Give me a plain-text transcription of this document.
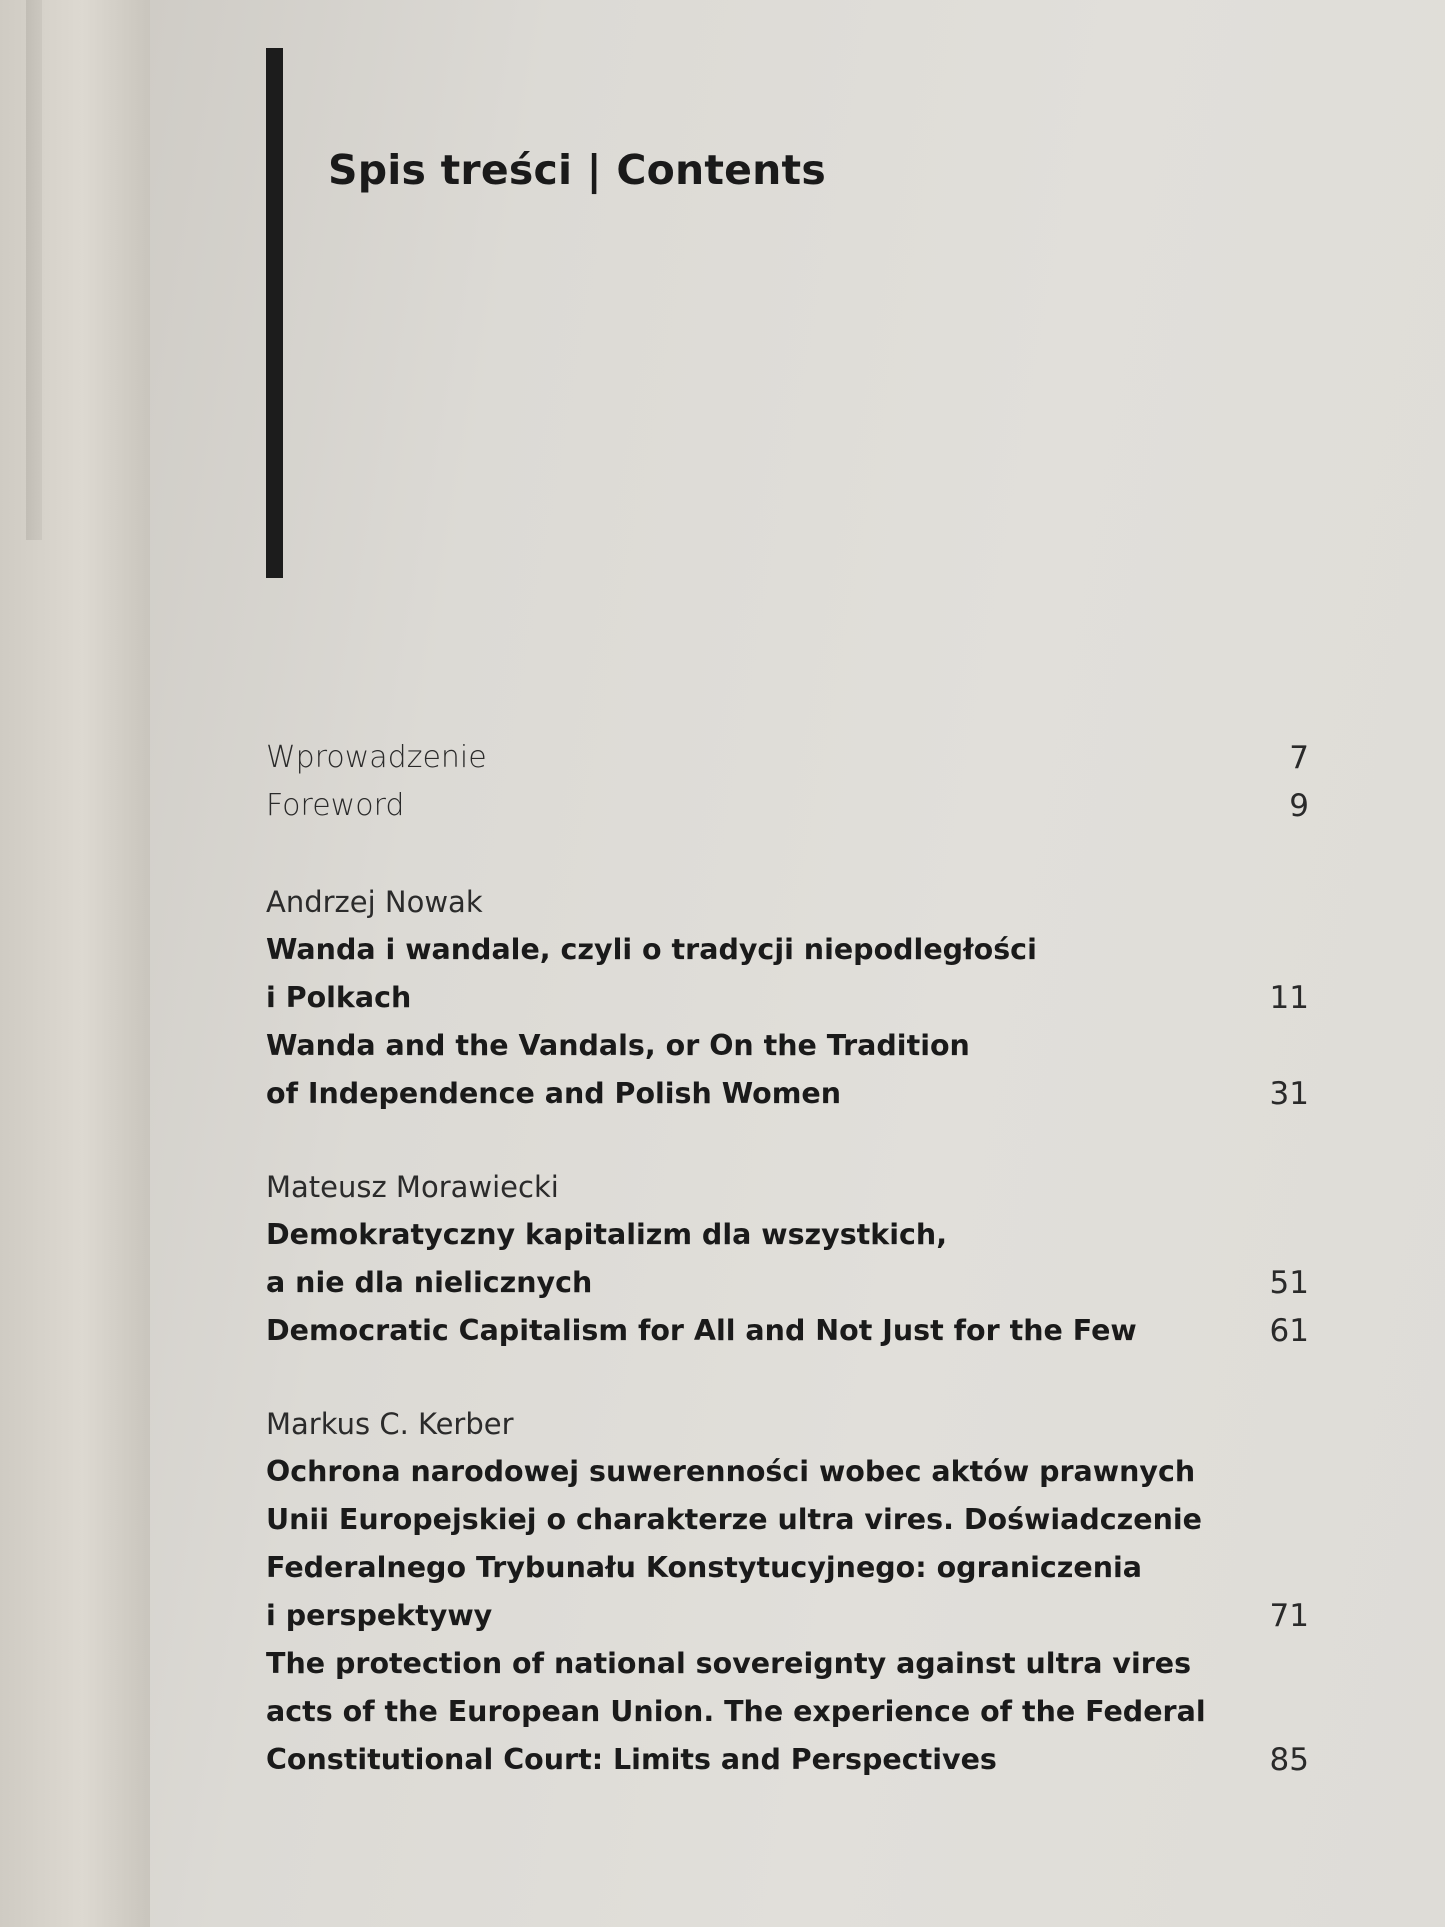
Spis treści | Contents
Wprowadzenie	7
Foreword	9
Andrzej Nowak
Wanda i wandale, czyli o tradycji niepodległości
i Polkach	11
Wanda and the Vandals, or On the Tradition
of Independence and Polish Women	31
Mateusz Morawiecki
Demokratyczny kapitalizm dla wszystkich,
a nie dla nielicznych	51
Democratic Capitalism for All and Not Just for the Few	61
Markus C. Kerber
Ochrona narodowej suwerenności wobec aktów prawnych
Unii Europejskiej o charakterze ultra vires. Doświadczenie
Federalnego Trybunału Konstytucyjnego: ograniczenia
i perspektywy	71
The protection of national sovereignty against ultra vires
acts of the European Union. The experience of the Federal
Constitutional Court: Limits and Perspectives	85
